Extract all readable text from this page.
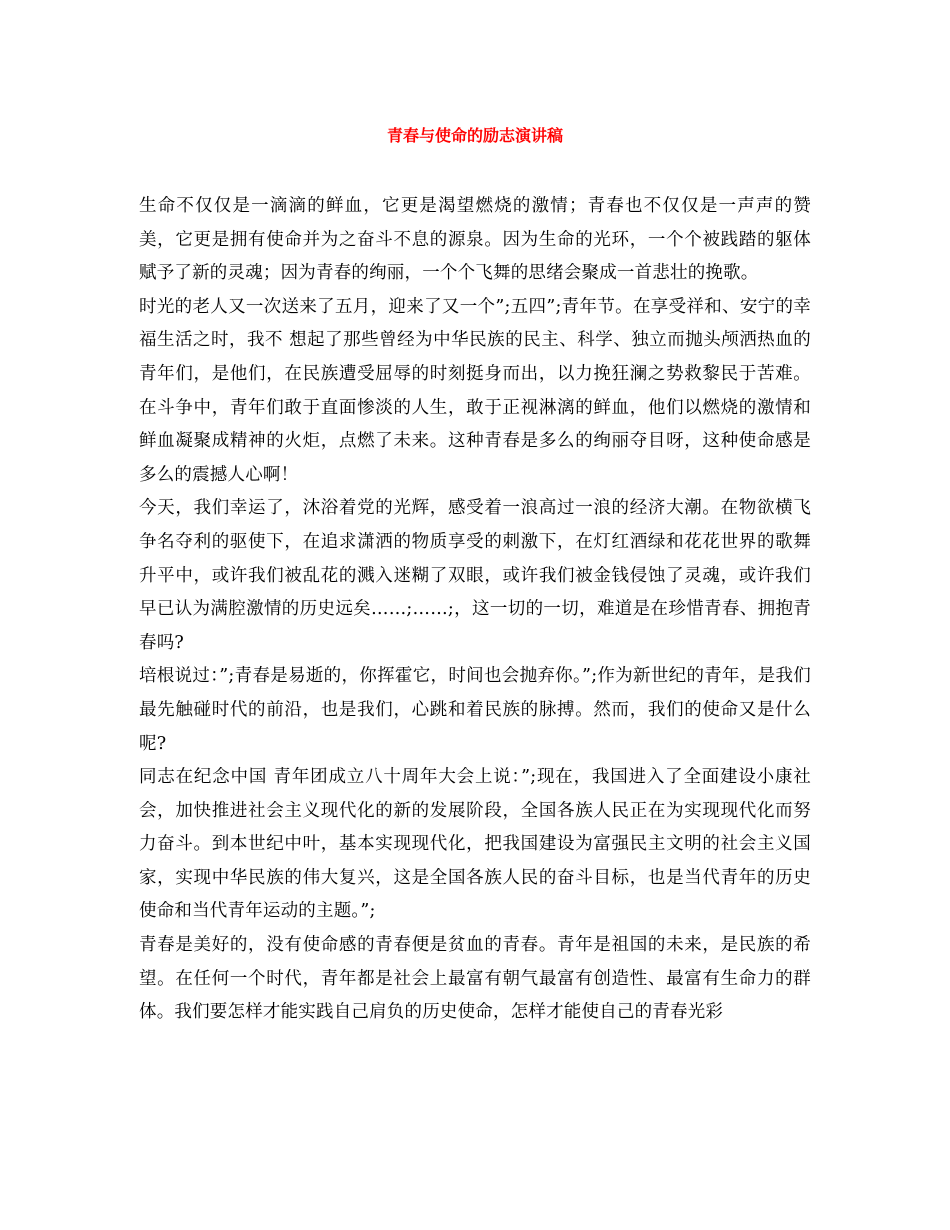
青春与使命的励志演讲稿

生命不仅仅是一滴滴的鲜血，它更是渴望燃烧的激情；青春也不仅仅是一声声的赞美，它更是拥有使命并为之奋斗不息的源泉。因为生命的光环，一个个被践踏的躯体赋予了新的灵魂；因为青春的绚丽，一个个飞舞的思绪会聚成一首悲壮的挽歌。

时光的老人又一次送来了五月，迎来了又一个”;五四”;青年节。在享受祥和、安宁的幸福生活之时，我不 想起了那些曾经为中华民族的民主、科学、独立而抛头颅洒热血的青年们，是他们，在民族遭受屈辱的时刻挺身而出，以力挽狂澜之势救黎民于苦难。在斗争中，青年们敢于直面惨淡的人生，敢于正视淋漓的鲜血，他们以燃烧的激情和鲜血凝聚成精神的火炬，点燃了未来。这种青春是多么的绚丽夺目呀，这种使命感是多么的震撼人心啊！

今天，我们幸运了，沐浴着党的光辉，感受着一浪高过一浪的经济大潮。在物欲横飞争名夺利的驱使下，在追求潇洒的物质享受的刺激下，在灯红酒绿和花花世界的歌舞升平中，或许我们被乱花的溅入迷糊了双眼，或许我们被金钱侵蚀了灵魂，或许我们早已认为满腔激情的历史远矣……;……;，这一切的一切，难道是在珍惜青春、拥抱青春吗?

培根说过：”;青春是易逝的，你挥霍它，时间也会抛弃你。”;作为新世纪的青年，是我们最先触碰时代的前沿，也是我们，心跳和着民族的脉搏。然而，我们的使命又是什么呢?

同志在纪念中国 青年团成立八十周年大会上说：”;现在，我国进入了全面建设小康社会，加快推进社会主义现代化的新的发展阶段，全国各族人民正在为实现现代化而努力奋斗。到本世纪中叶，基本实现现代化，把我国建设为富强民主文明的社会主义国家，实现中华民族的伟大复兴，这是全国各族人民的奋斗目标，也是当代青年的历史使命和当代青年运动的主题。”;

青春是美好的，没有使命感的青春便是贫血的青春。青年是祖国的未来，是民族的希望。在任何一个时代，青年都是社会上最富有朝气最富有创造性、最富有生命力的群体。我们要怎样才能实践自己肩负的历史使命，怎样才能使自己的青春光彩
